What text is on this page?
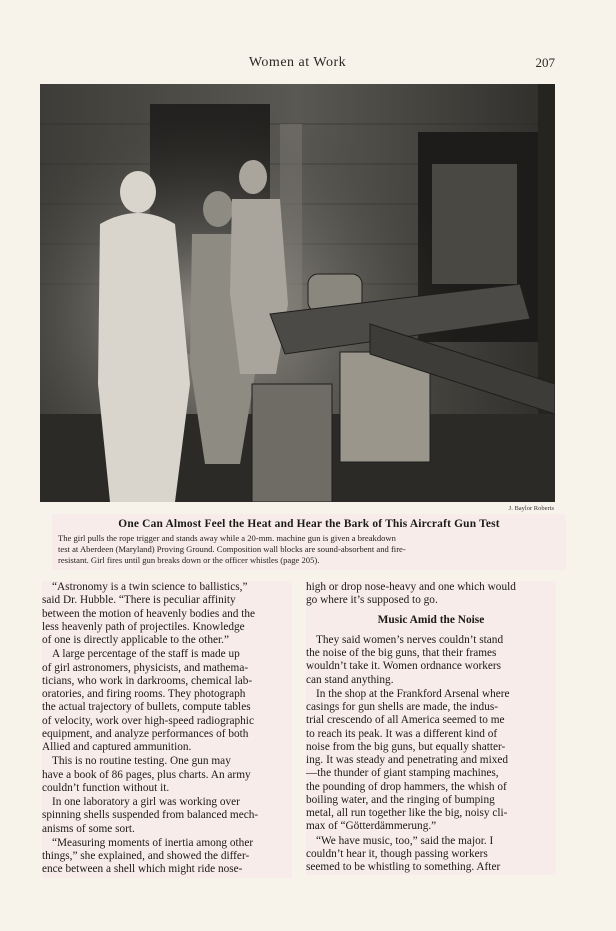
Women at Work	207
J. Baylor Roberts
One Can Almost Feel the Heat and Hear the Bark of This Aircraft Gun Test

The girl pulls the rope trigger and stands away while a 20-mm. machine gun is given a breakdown
test at Aberdeen (Maryland) Proving Ground. Composition wall blocks are sound-absorbent and fire-
resistant. Girl fires until gun breaks down or the officer whistles (page 205).

“Astronomy is a twin science to ballistics,”
said Dr. Hubble. “There is peculiar affinity
between the motion of heavenly bodies and the
less heavenly path of projectiles. Knowledge
of one is directly applicable to the other.”

A large percentage of the staff is made up
of girl astronomers, physicists, and mathema-
ticians, who work in darkrooms, chemical lab-
oratories, and firing rooms. They photograph
the actual trajectory of bullets, compute tables
of velocity, work over high-speed radiographic
equipment, and analyze performances of both
Allied and captured ammunition.

This is no routine testing. One gun may
have a book of 86 pages, plus charts. An army
couldn’t function without it.

In one laboratory a girl was working over
spinning shells suspended from balanced mech-
anisms of some sort.

“Measuring moments of inertia among other
things,” she explained, and showed the differ-
ence between a shell which might ride nose-

high or drop nose-heavy and one which would
go where it’s supposed to go.

Music Amid the Noise

They said women’s nerves couldn’t stand
the noise of the big guns, that their frames
wouldn’t take it. Women ordnance workers
can stand anything.

In the shop at the Frankford Arsenal where
casings for gun shells are made, the indus-
trial crescendo of all America seemed to me
to reach its peak. It was a different kind of
noise from the big guns, but equally shatter-
ing. It was steady and penetrating and mixed
—the thunder of giant stamping machines,
the pounding of drop hammers, the whish of
boiling water, and the ringing of bumping
metal, all run together like the big, noisy cli-
max of “Götterdämmerung.”

“We have music, too,” said the major. I
couldn’t hear it, though passing workers
seemed to be whistling to something. After
